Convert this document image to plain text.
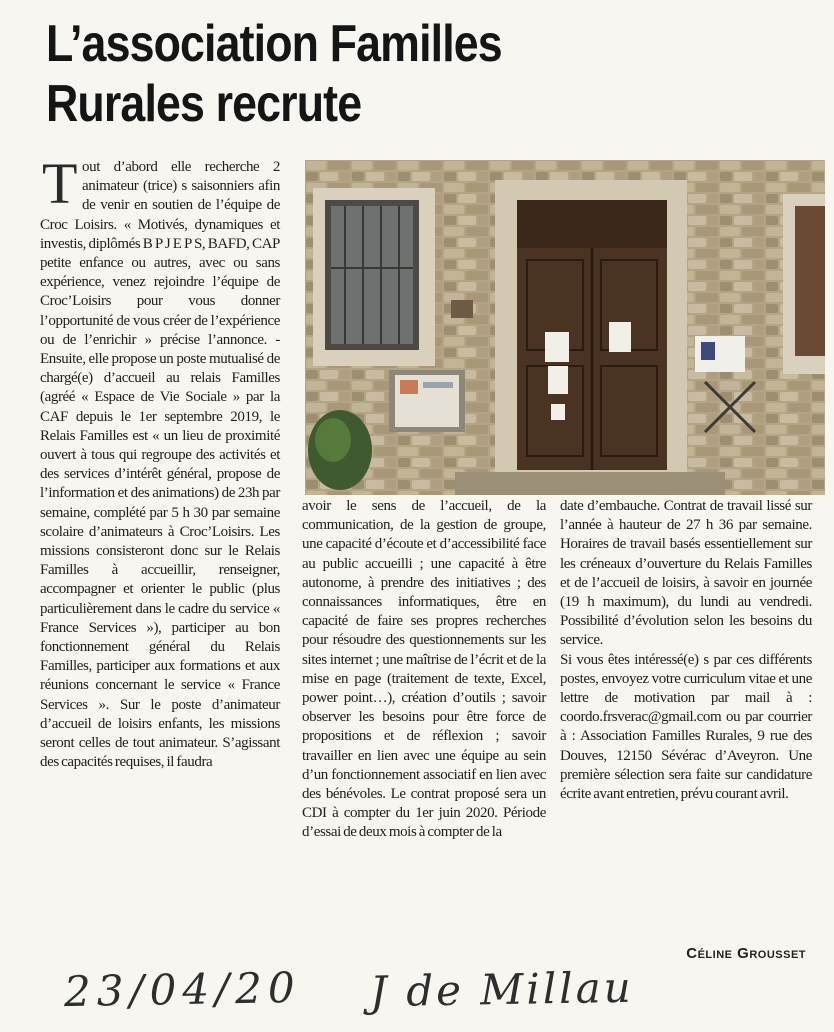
L’association Familles
Rurales recrute

T out d’abord elle recherche 2 animateur (trice) s saisonniers afin de venir en soutien de l’équipe de Croc Loisirs. « Motivés, dynamiques et investis, diplômés B P J E P S, BAFD, CAP petite enfance ou autres, avec ou sans expérience, venez rejoindre l’équipe de Croc’Loisirs pour vous donner l’opportunité de vous créer de l’expérience ou de l’enrichir » précise l’annonce. - Ensuite, elle propose un poste mutualisé de chargé(e) d’accueil au relais Familles (agréé « Espace de Vie Sociale » par la CAF depuis le 1er septembre 2019, le Relais Familles est « un lieu de proximité ouvert à tous qui regroupe des activités et des services d’intérêt général, propose de l’information et des animations) de 23h par semaine, complété par 5 h 30 par semaine scolaire d’animateurs à Croc’Loisirs. Les missions consisteront donc sur le Relais Familles à accueillir, renseigner, accompagner et orienter le public (plus particulièrement dans le cadre du service « France Services »), participer au bon fonctionnement général du Relais Familles, participer aux formations et aux réunions concernant le service « France Services ». Sur le poste d’animateur d’accueil de loisirs enfants, les missions seront celles de tout animateur. S’agissant des capacités requises, il faudra

avoir le sens de l’accueil, de la communication, de la gestion de groupe, une capacité d’écoute et d’accessibilité face au public accueilli ; une capacité à être autonome, à prendre des initiatives ; des connaissances informatiques, être en capacité de faire ses propres recherches pour résoudre des questionnements sur les sites internet ; une maîtrise de l’écrit et de la mise en page (traitement de texte, Excel, power point…), création d’outils ; savoir observer les besoins pour être force de propositions et de réflexion ; savoir travailler en lien avec une équipe au sein d’un fonctionnement associatif en lien avec des bénévoles. Le contrat proposé sera un CDI à compter du 1er juin 2020. Période d’essai de deux mois à compter de la

date d’embauche. Contrat de travail lissé sur l’année à hauteur de 27 h 36 par semaine. Horaires de travail basés essentiellement sur les créneaux d’ouverture du Relais Familles et de l’accueil de loisirs, à savoir en journée (19 h maximum), du lundi au vendredi. Possibilité d’évolution selon les besoins du service.

Si vous êtes intéressé(e) s par ces différents postes, envoyez votre curriculum vitae et une lettre de motivation par mail à : coordo.frsverac@gmail.com ou par courrier à : Association Familles Rurales, 9 rue des Douves, 12150 Sévérac d’Aveyron. Une première sélection sera faite sur candidature écrite avant entretien, prévu courant avril.

Céline Grousset
23/04/20 J de Millau
